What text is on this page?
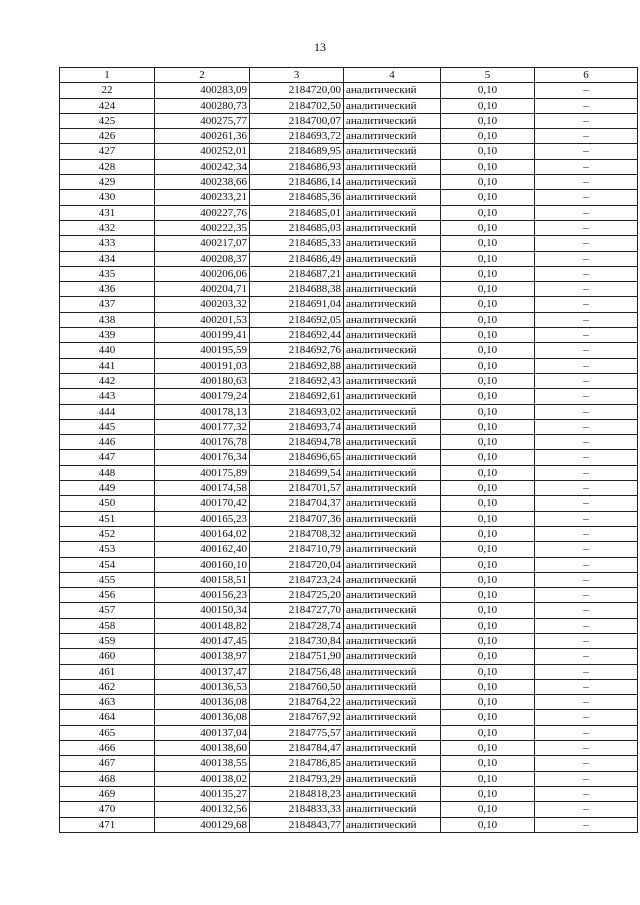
13
1	2	3	4	5	6
22	400283,09	2184720,00	аналитический	0,10	–
424	400280,73	2184702,50	аналитический	0,10	–
425	400275,77	2184700,07	аналитический	0,10	–
426	400261,36	2184693,72	аналитический	0,10	–
427	400252,01	2184689,95	аналитический	0,10	–
428	400242,34	2184686,93	аналитический	0,10	–
429	400238,66	2184686,14	аналитический	0,10	–
430	400233,21	2184685,36	аналитический	0,10	–
431	400227,76	2184685,01	аналитический	0,10	–
432	400222,35	2184685,03	аналитический	0,10	–
433	400217,07	2184685,33	аналитический	0,10	–
434	400208,37	2184686,49	аналитический	0,10	–
435	400206,06	2184687,21	аналитический	0,10	–
436	400204,71	2184688,38	аналитический	0,10	–
437	400203,32	2184691,04	аналитический	0,10	–
438	400201,53	2184692,05	аналитический	0,10	–
439	400199,41	2184692,44	аналитический	0,10	–
440	400195,59	2184692,76	аналитический	0,10	–
441	400191,03	2184692,88	аналитический	0,10	–
442	400180,63	2184692,43	аналитический	0,10	–
443	400179,24	2184692,61	аналитический	0,10	–
444	400178,13	2184693,02	аналитический	0,10	–
445	400177,32	2184693,74	аналитический	0,10	–
446	400176,78	2184694,78	аналитический	0,10	–
447	400176,34	2184696,65	аналитический	0,10	–
448	400175,89	2184699,54	аналитический	0,10	–
449	400174,58	2184701,57	аналитический	0,10	–
450	400170,42	2184704,37	аналитический	0,10	–
451	400165,23	2184707,36	аналитический	0,10	–
452	400164,02	2184708,32	аналитический	0,10	–
453	400162,40	2184710,79	аналитический	0,10	–
454	400160,10	2184720,04	аналитический	0,10	–
455	400158,51	2184723,24	аналитический	0,10	–
456	400156,23	2184725,20	аналитический	0,10	–
457	400150,34	2184727,70	аналитический	0,10	–
458	400148,82	2184728,74	аналитический	0,10	–
459	400147,45	2184730,84	аналитический	0,10	–
460	400138,97	2184751,90	аналитический	0,10	–
461	400137,47	2184756,48	аналитический	0,10	–
462	400136,53	2184760,50	аналитический	0,10	–
463	400136,08	2184764,22	аналитический	0,10	–
464	400136,08	2184767,92	аналитический	0,10	–
465	400137,04	2184775,57	аналитический	0,10	–
466	400138,60	2184784,47	аналитический	0,10	–
467	400138,55	2184786,85	аналитический	0,10	–
468	400138,02	2184793,29	аналитический	0,10	–
469	400135,27	2184818,23	аналитический	0,10	–
470	400132,56	2184833,33	аналитический	0,10	–
471	400129,68	2184843,77	аналитический	0,10	–
